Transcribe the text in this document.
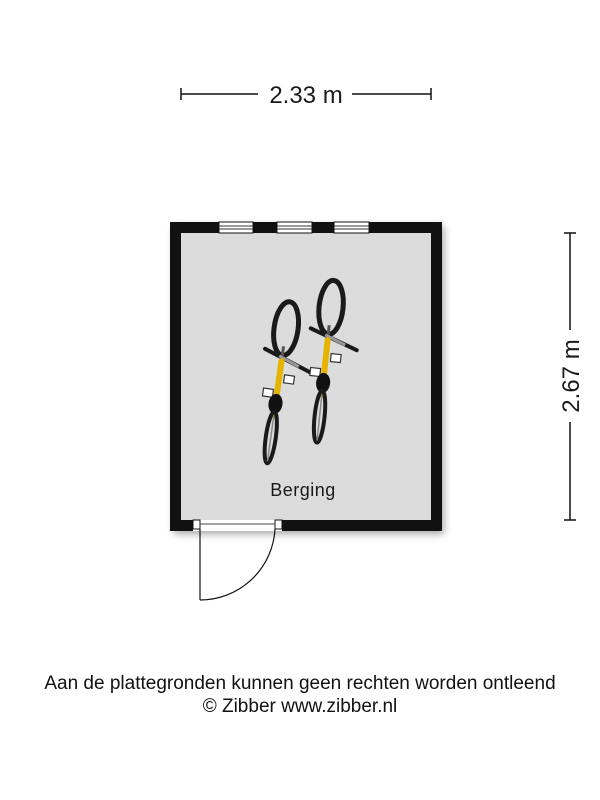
2.33 m
2.67 m
Berging
Aan de plattegronden kunnen geen rechten worden ontleend
© Zibber www.zibber.nl
